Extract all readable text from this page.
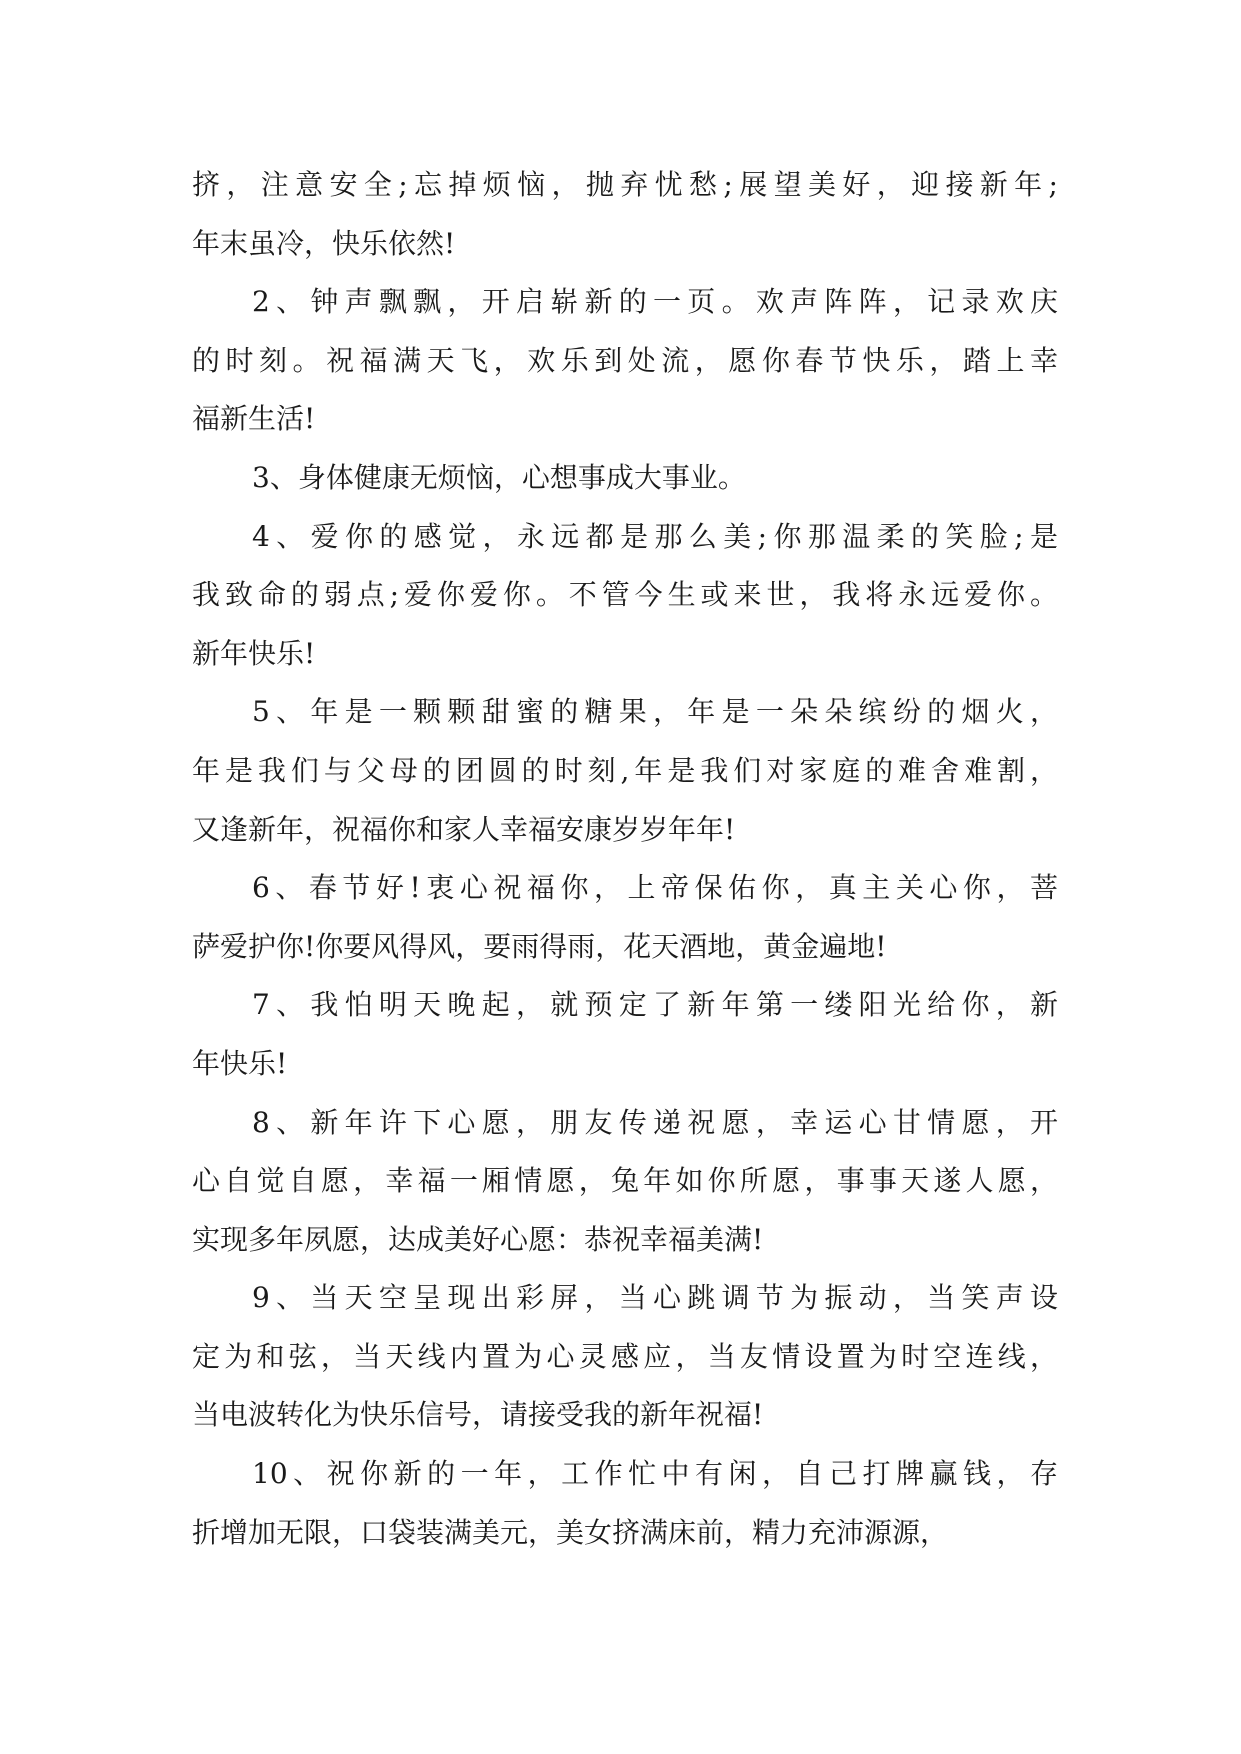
挤，注意安全;忘掉烦恼，抛弃忧愁;展望美好，迎接新年;
年末虽冷，快乐依然!
2、钟声飘飘，开启崭新的一页。欢声阵阵，记录欢庆
的时刻。祝福满天飞，欢乐到处流，愿你春节快乐，踏上幸
福新生活!
3、身体健康无烦恼，心想事成大事业。
4、爱你的感觉，永远都是那么美;你那温柔的笑脸;是
我致命的弱点;爱你爱你。不管今生或来世，我将永远爱你。
新年快乐!
5、年是一颗颗甜蜜的糖果，年是一朵朵缤纷的烟火，
年是我们与父母的团圆的时刻,年是我们对家庭的难舍难割，
又逢新年，祝福你和家人幸福安康岁岁年年!
6、春节好!衷心祝福你，上帝保佑你，真主关心你，菩
萨爱护你!你要风得风，要雨得雨，花天酒地，黄金遍地!
7、我怕明天晚起，就预定了新年第一缕阳光给你，新
年快乐!
8、新年许下心愿，朋友传递祝愿，幸运心甘情愿，开
心自觉自愿，幸福一厢情愿，兔年如你所愿，事事天遂人愿，
实现多年夙愿，达成美好心愿：恭祝幸福美满!
9、当天空呈现出彩屏，当心跳调节为振动，当笑声设
定为和弦，当天线内置为心灵感应，当友情设置为时空连线，
当电波转化为快乐信号，请接受我的新年祝福!
10、祝你新的一年，工作忙中有闲，自己打牌赢钱，存
折增加无限，口袋装满美元，美女挤满床前，精力充沛源源，
